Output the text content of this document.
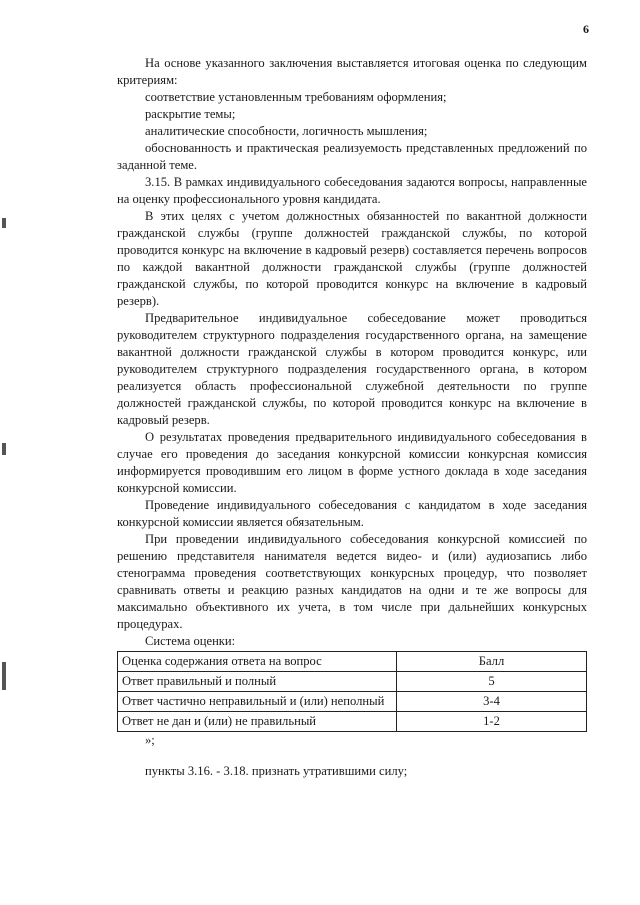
6

На основе указанного заключения выставляется итоговая оценка по следующим критериям:

соответствие установленным требованиям оформления;

раскрытие темы;

аналитические способности, логичность мышления;

обоснованность и практическая реализуемость представленных предложений по заданной теме.

3.15. В рамках индивидуального собеседования задаются вопросы, направленные на оценку профессионального уровня кандидата.

В этих целях с учетом должностных обязанностей по вакантной должности гражданской службы (группе должностей гражданской службы, по которой проводится конкурс на включение в кадровый резерв) составляется перечень вопросов по каждой вакантной должности гражданской службы (группе должностей гражданской службы, по которой проводится конкурс на включение в кадровый резерв).

Предварительное индивидуальное собеседование может проводиться руководителем структурного подразделения государственного органа, на замещение вакантной должности гражданской службы в котором проводится конкурс, или руководителем структурного подразделения государственного органа, в котором реализуется область профессиональной служебной деятельности по группе должностей гражданской службы, по которой проводится конкурс на включение в кадровый резерв.

О результатах проведения предварительного индивидуального собеседования в случае его проведения до заседания конкурсной комиссии конкурсная комиссия информируется проводившим его лицом в форме устного доклада в ходе заседания конкурсной комиссии.

Проведение индивидуального собеседования с кандидатом в ходе заседания конкурсной комиссии является обязательным.

При проведении индивидуального собеседования конкурсной комиссией по решению представителя нанимателя ведется видео- и (или) аудиозапись либо стенограмма проведения соответствующих конкурсных процедур, что позволяет сравнивать ответы и реакцию разных кандидатов на одни и те же вопросы для максимально объективного их учета, в том числе при дальнейших конкурсных процедурах.

Система оценки:
Оценка содержания ответа на вопрос	Балл
Ответ правильный и полный	5
Ответ частично неправильный и (или) неполный	3-4
Ответ не дан и (или) не правильный	1-2
»;
пункты 3.16. - 3.18. признать утратившими силу;
